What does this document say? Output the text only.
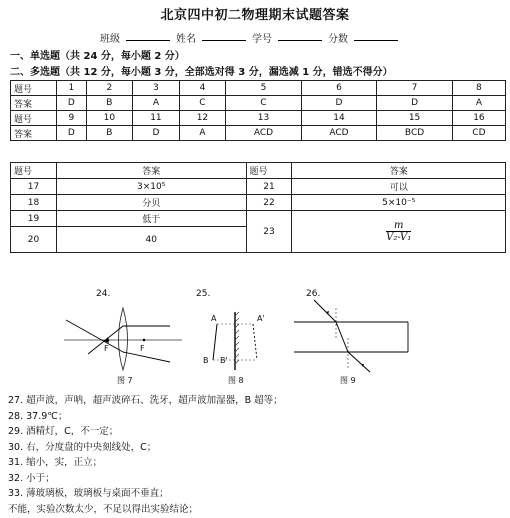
北京四中初二物理期末试题答案
班级	姓名	学号	分数
一、单选题（共 24 分，每小题 2 分）
二、多选题（共 12 分，每小题 3 分，全部选对得 3 分，漏选减 1 分，错选不得分）
题号	1	2	3	4	5	6	7	8
答案	D	B	A	C	C	D	D	A
题号	9	10	11	12	13	14	15	16
答案	D	B	D	A	ACD	ACD	BCD	CD
题号	答案	题号	答案
17	3×10⁵	21	可以
18	分贝	22	5×10⁻⁵
19	低于	23	$\frac{m}{\text{V₂-V₁}}$

20	40		
24.
F	F
图 7
25.
A	A'
B B'
图 8
26.
图 9
27. 超声波，声呐，超声波碎石、洗牙，超声波加湿器，B 超等；
28. 37.9℃；
29. 酒精灯，C，不一定；
30. 右，分度盘的中央刻线处，C；
31. 缩小，实，正立；
32. 小于；
33. 薄玻璃板，玻璃板与桌面不垂直；
不能，实验次数太少，不足以得出实验结论；
